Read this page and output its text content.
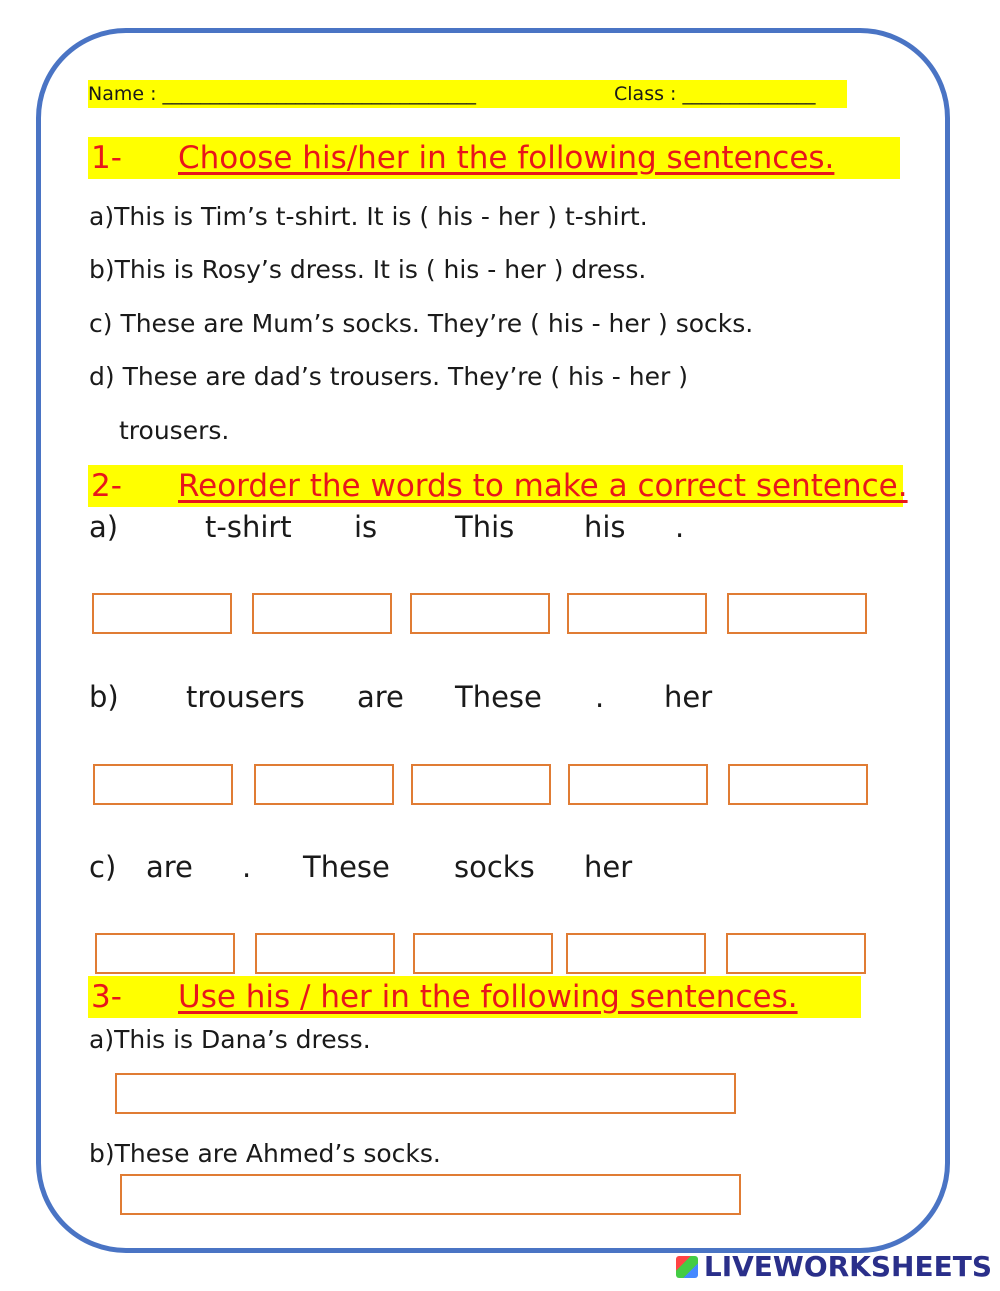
Name : _________________________________	Class : ______________
1- Choose his/her in the following sentences.
a)This is Tim’s t-shirt. It is ( his - her ) t-shirt.
b)This is Rosy’s dress. It is ( his - her ) dress.
c) These are Mum’s socks. They’re ( his - her ) socks.
d) These are dad’s trousers. They’re ( his - her )
trousers.
2- Reorder the words to make a correct sentence.
a)	t-shirt is	This his .
b) trousers are These . her
c) are . These socks her
3- Use his / her in the following sentences.
a)This is Dana’s dress.
b)These are Ahmed’s socks.
LIVEWORKSHEETS
